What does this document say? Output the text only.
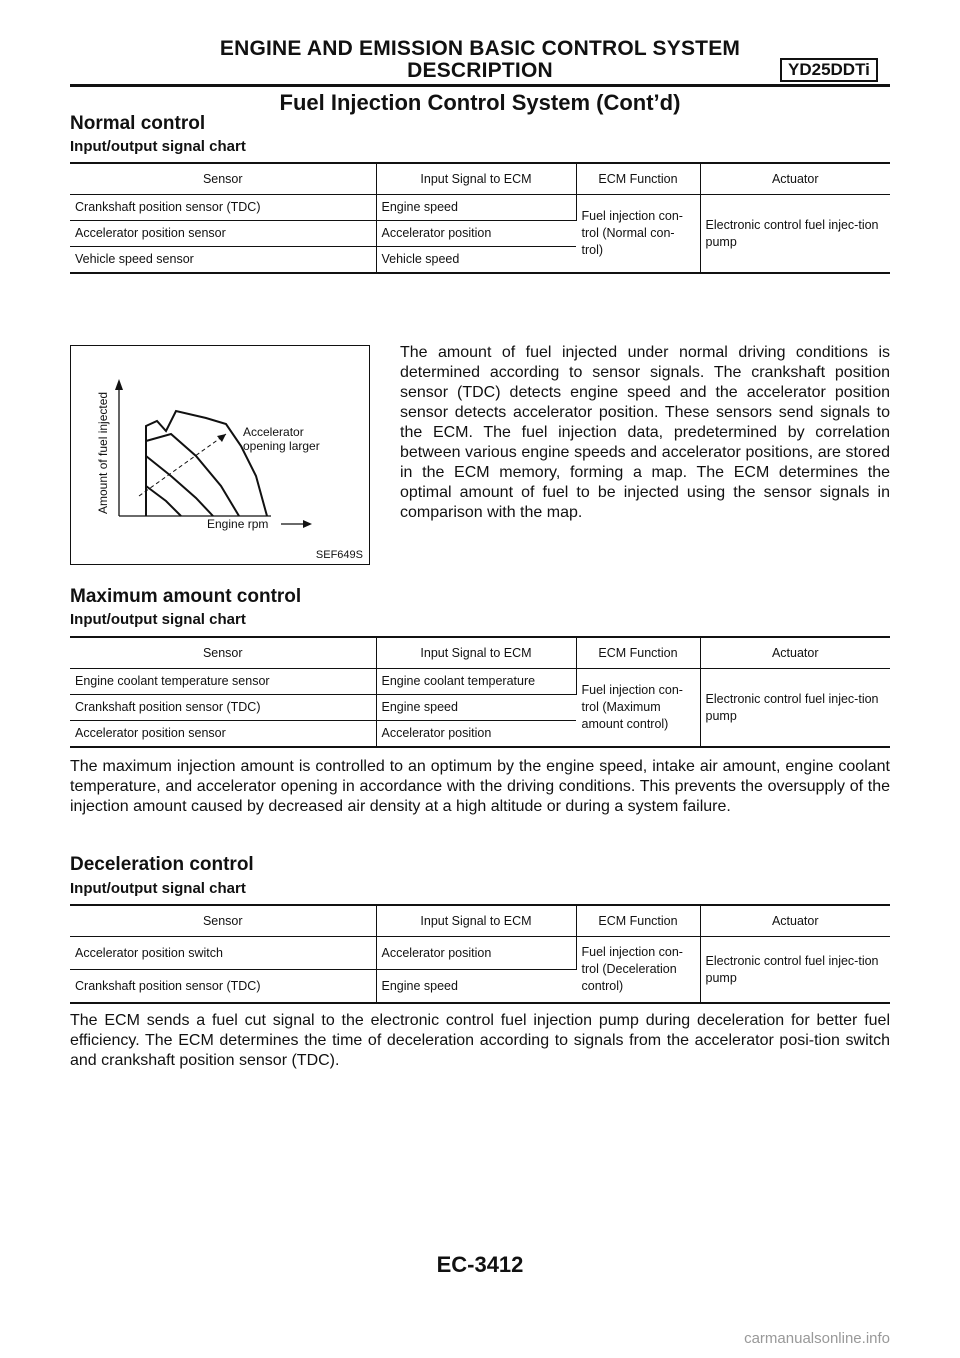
ENGINE AND EMISSION BASIC CONTROL SYSTEM
DESCRIPTION	YD25DDTi
Fuel Injection Control System (Cont’d)
Normal control
Input/output signal chart
Sensor	Input Signal to ECM	ECM Function	Actuator
Crankshaft position sensor (TDC)	Engine speed	Fuel injection con-trol (Normal con-trol)	Electronic control fuel injec-tion pump
Accelerator position sensor	Accelerator position		
Vehicle speed sensor	Vehicle speed		
Accelerator
opening larger
Engine rpm
Amount of fuel injected
SEF649S

The amount of fuel injected under normal driving conditions is determined according to sensor signals. The crankshaft position sensor (TDC) detects engine speed and the accelerator position sensor detects accelerator position. These sensors send signals to the ECM. The fuel injection data, predetermined by correlation between various engine speeds and accelerator positions, are stored in the ECM memory, forming a map. The ECM determines the optimal amount of fuel to be injected using the sensor signals in comparison with the map.

Maximum amount control
Input/output signal chart
Sensor	Input Signal to ECM	ECM Function	Actuator
Engine coolant temperature sensor	Engine coolant temperature	Fuel injection con-trol (Maximum amount control)	Electronic control fuel injec-tion pump
Crankshaft position sensor (TDC)	Engine speed		
Accelerator position sensor	Accelerator position		

The maximum injection amount is controlled to an optimum by the engine speed, intake air amount, engine coolant temperature, and accelerator opening in accordance with the driving conditions. This prevents the oversupply of the injection amount caused by decreased air density at a high altitude or during a system failure.

Deceleration control
Input/output signal chart
Sensor	Input Signal to ECM	ECM Function	Actuator
Accelerator position switch	Accelerator position	Fuel injection con-trol (Deceleration control)	Electronic control fuel injec-tion pump
Crankshaft position sensor (TDC)	Engine speed		

The ECM sends a fuel cut signal to the electronic control fuel injection pump during deceleration for better fuel efficiency. The ECM determines the time of deceleration according to signals from the accelerator posi-tion switch and crankshaft position sensor (TDC).

EC-3412
carmanualsonline.info
